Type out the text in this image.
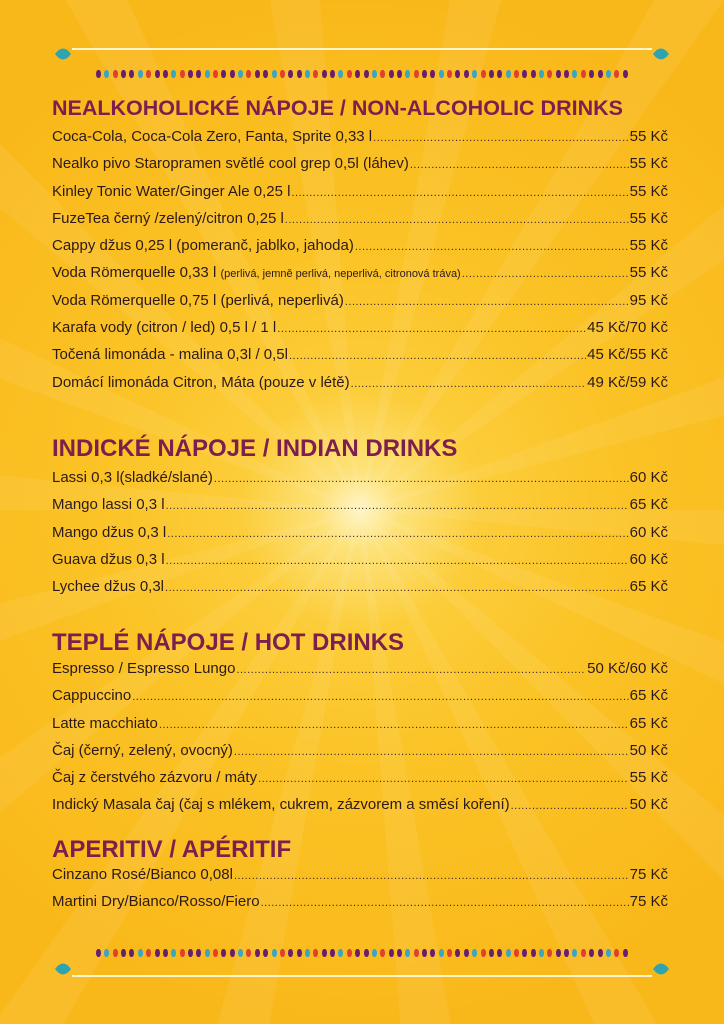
NEALKOHOLICKÉ NÁPOJE / NON-ALCOHOLIC DRINKS
Coca-Cola, Coca-Cola Zero, Fanta, Sprite 0,33 l .....	55 Kč
Nealko pivo Staropramen světlé cool grep 0,5l (láhev) .....	55 Kč
Kinley Tonic Water/Ginger Ale 0,25 l .....	55 Kč
FuzeTea černý /zelený/citron 0,25 l .....	55 Kč
Cappy džus 0,25 l (pomeranč, jablko, jahoda) .....	55 Kč
Voda Römerquelle 0,33 l (perlivá, jemně perlivá, neperlivá, citronová tráva) .....	55 Kč
Voda Römerquelle 0,75 l (perlivá, neperlivá) .....	95 Kč
Karafa vody (citron / led) 0,5 l / 1 l .....	45 Kč/70 Kč
Točená limonáda - malina 0,3l / 0,5l .....	45 Kč/55 Kč
Domácí limonáda Citron, Máta (pouze v létě) .....	49 Kč/59 Kč
INDICKÉ NÁPOJE / INDIAN DRINKS
Lassi 0,3 l(sladké/slané) .....	60 Kč
Mango lassi 0,3 l .....	65 Kč
Mango džus 0,3 l .....	60 Kč
Guava džus 0,3 l .....	60 Kč
Lychee džus 0,3l .....	65 Kč
TEPLÉ NÁPOJE / HOT DRINKS
Espresso / Espresso Lungo .....	50 Kč/60 Kč
Cappuccino .....	65 Kč
Latte macchiato .....	65 Kč
Čaj (černý, zelený, ovocný) .....	50 Kč
Čaj z čerstvého zázvoru / máty .....	55 Kč
Indický Masala čaj (čaj s mlékem, cukrem, zázvorem a směsí koření) .....	50 Kč
APERITIV / APÉRITIF
Cinzano Rosé/Bianco 0,08l .....	75 Kč
Martini Dry/Bianco/Rosso/Fiero .....	75 Kč
